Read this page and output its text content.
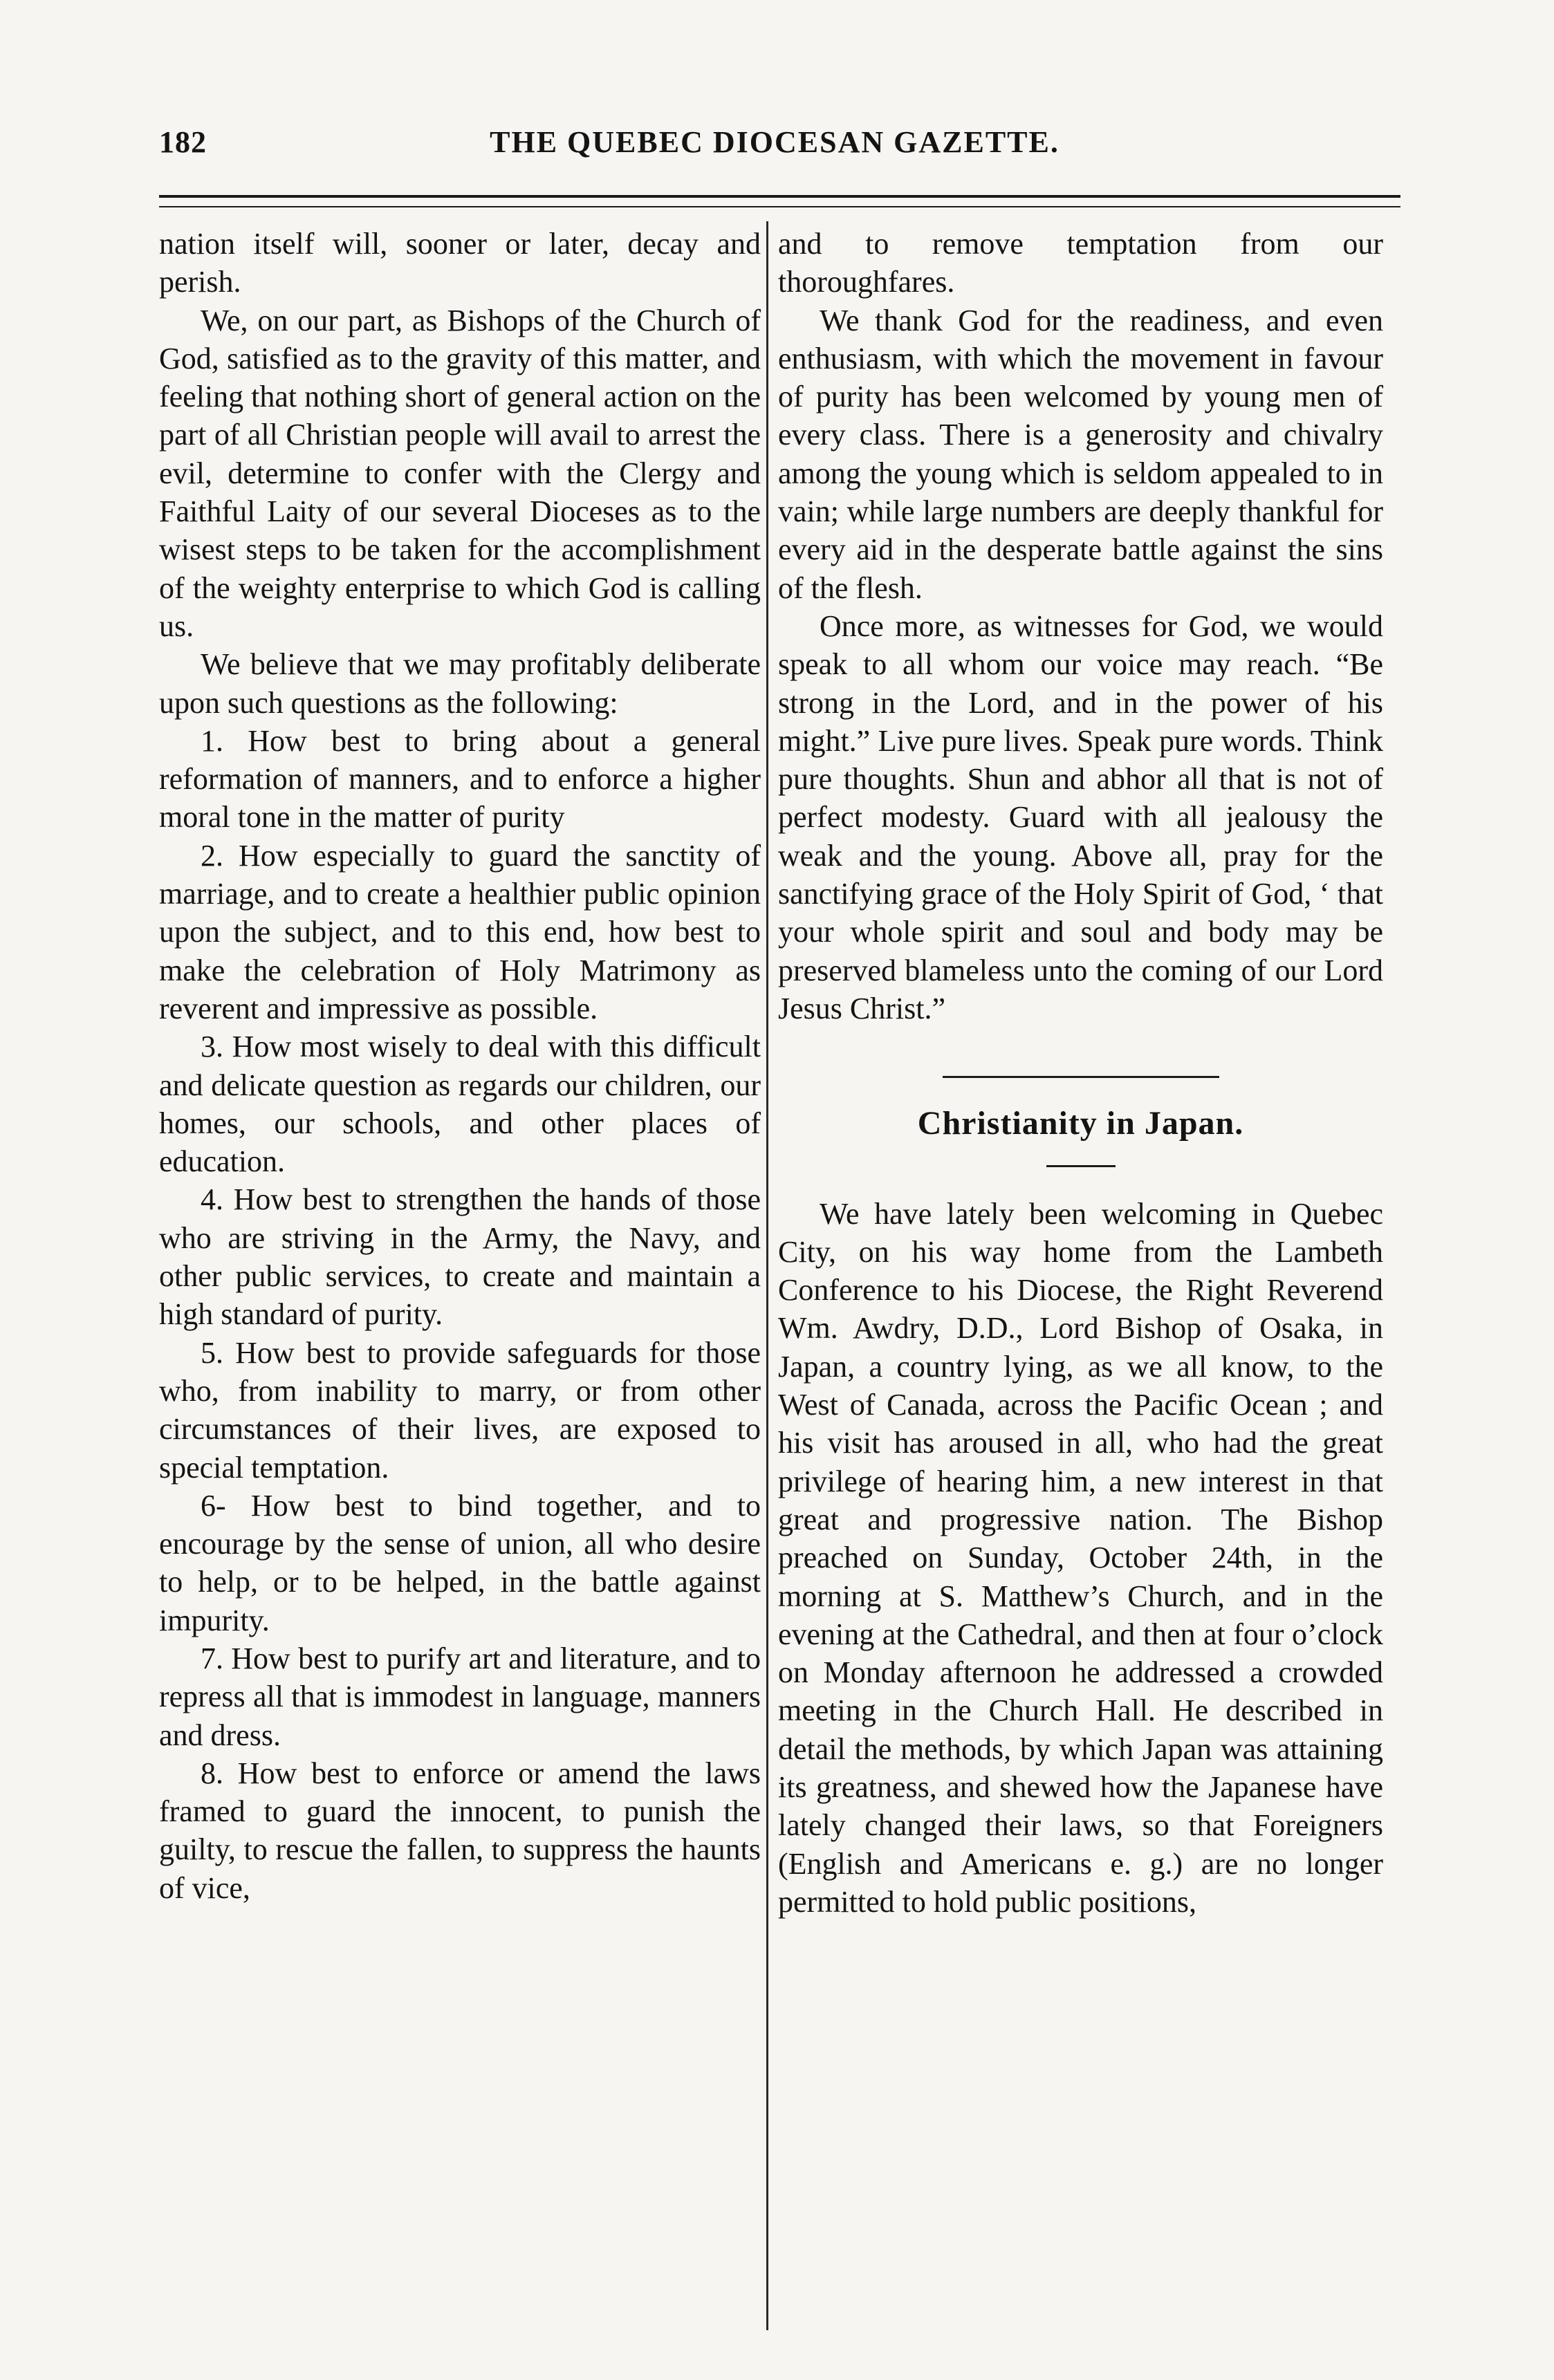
182	THE QUEBEC DIOCESAN GAZETTE.

nation itself will, sooner or later, decay and perish.

We, on our part, as Bishops of the Church of God, satisfied as to the gravity of this matter, and feeling that nothing short of general action on the part of all Christian people will avail to arrest the evil, determine to confer with the Clergy and Faithful Laity of our several Dioceses as to the wisest steps to be taken for the accomplishment of the weighty enterprise to which God is calling us.

We believe that we may profitably deliberate upon such questions as the following:

1. How best to bring about a general reformation of manners, and to enforce a higher moral tone in the matter of purity

2. How especially to guard the sanctity of marriage, and to create a healthier public opinion upon the subject, and to this end, how best to make the celebration of Holy Matrimony as reverent and impressive as possible.

3. How most wisely to deal with this difficult and delicate question as regards our children, our homes, our schools, and other places of education.

4. How best to strengthen the hands of those who are striving in the Army, the Navy, and other public services, to create and maintain a high standard of purity.

5. How best to provide safeguards for those who, from inability to marry, or from other circumstances of their lives, are exposed to special temptation.

6- How best to bind together, and to encourage by the sense of union, all who desire to help, or to be helped, in the battle against impurity.

7. How best to purify art and literature, and to repress all that is immodest in language, manners and dress.

8. How best to enforce or amend the laws framed to guard the innocent, to punish the guilty, to rescue the fallen, to suppress the haunts of vice,

and to remove temptation from our thoroughfares.

We thank God for the readiness, and even enthusiasm, with which the movement in favour of purity has been welcomed by young men of every class. There is a generosity and chivalry among the young which is seldom appealed to in vain; while large numbers are deeply thankful for every aid in the desperate battle against the sins of the flesh.

Once more, as witnesses for God, we would speak to all whom our voice may reach. “Be strong in the Lord, and in the power of his might.” Live pure lives. Speak pure words. Think pure thoughts. Shun and abhor all that is not of perfect modesty. Guard with all jealousy the weak and the young. Above all, pray for the sanctifying grace of the Holy Spirit of God, ‘ that your whole spirit and soul and body may be preserved blameless unto the coming of our Lord Jesus Christ.”

Christianity in Japan.

We have lately been welcoming in Quebec City, on his way home from the Lambeth Conference to his Diocese, the Right Reverend Wm. Awdry, D.D., Lord Bishop of Osaka, in Japan, a country lying, as we all know, to the West of Canada, across the Pacific Ocean ; and his visit has aroused in all, who had the great privilege of hearing him, a new interest in that great and progressive nation. The Bishop preached on Sunday, October 24th, in the morning at S. Matthew’s Church, and in the evening at the Cathedral, and then at four o’clock on Monday afternoon he addressed a crowded meeting in the Church Hall. He described in detail the methods, by which Japan was attaining its greatness, and shewed how the Japanese have lately changed their laws, so that Foreigners (English and Americans e. g.) are no longer permitted to hold public positions,
